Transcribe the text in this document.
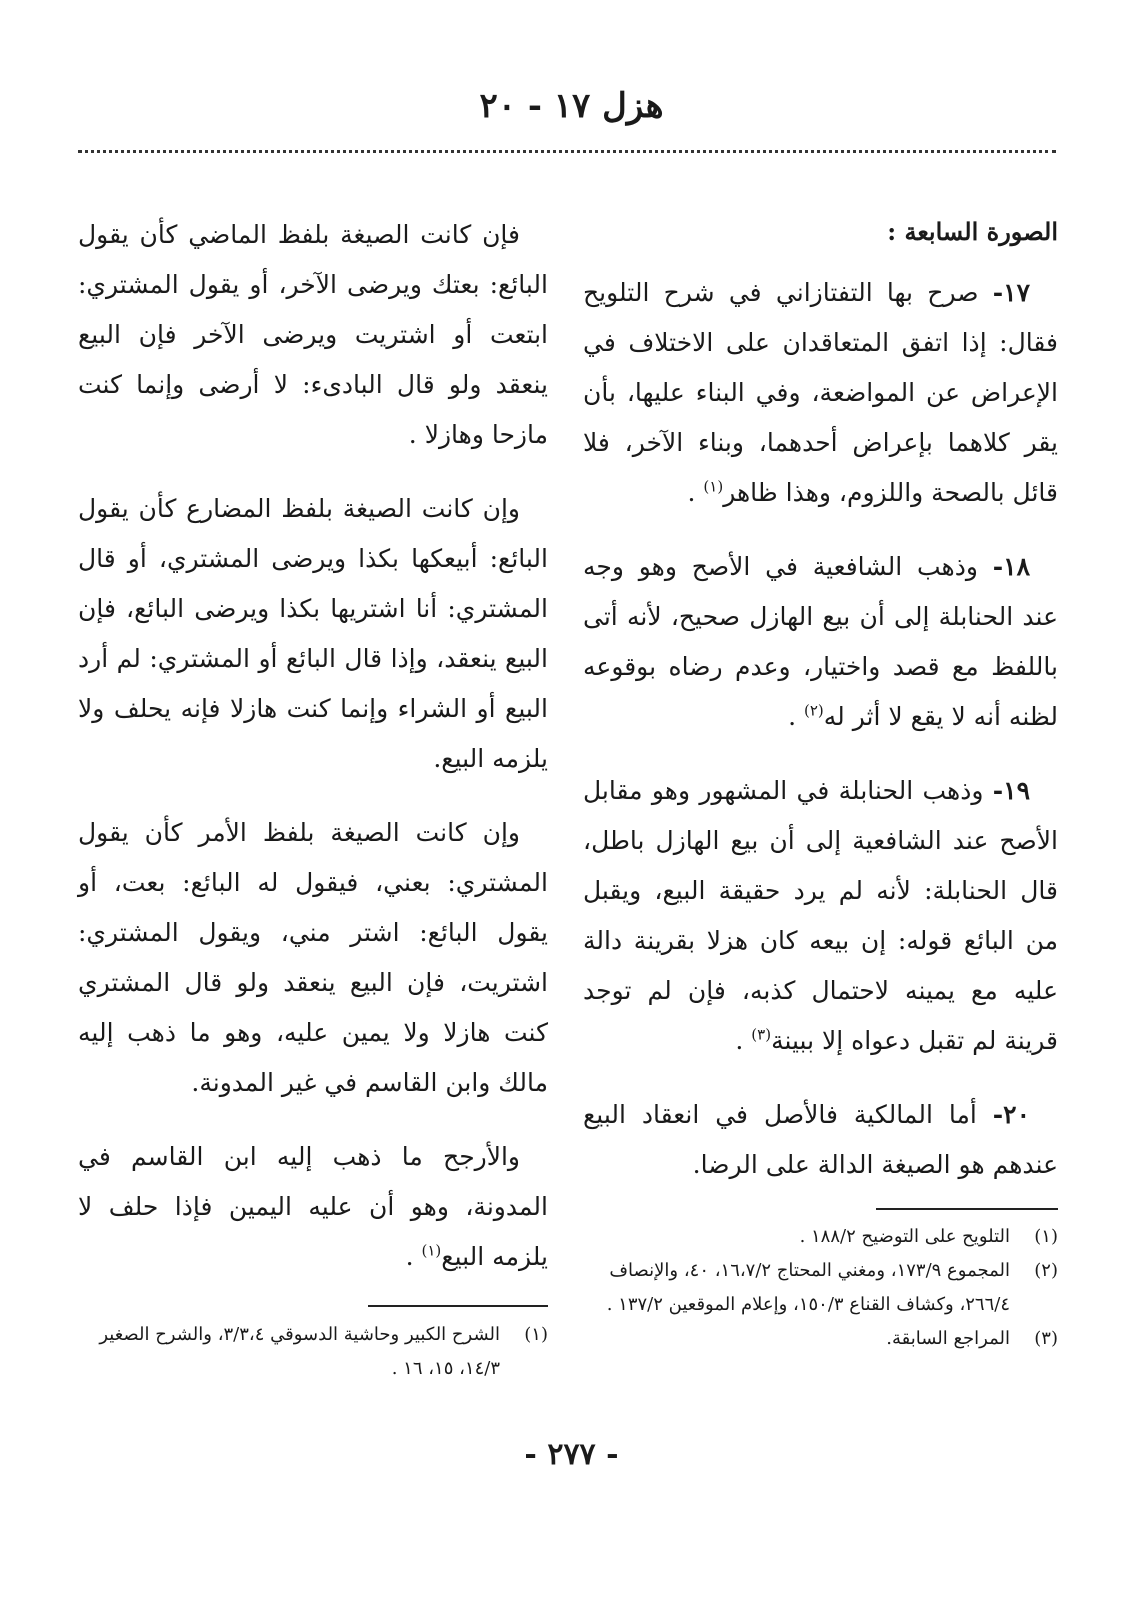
هزل ١٧ - ٢٠
الصورة السابعة :

١٧- صرح بها التفتازاني في شرح التلويح فقال: إذا اتفق المتعاقدان على الاختلاف في الإعراض عن المواضعة، وفي البناء عليها، بأن يقر كلاهما بإعراض أحدهما، وبناء الآخر، فلا قائل بالصحة واللزوم، وهذا ظاهر$^{(١)}$ .

١٨- وذهب الشافعية في الأصح وهو وجه عند الحنابلة إلى أن بيع الهازل صحيح، لأنه أتى باللفظ مع قصد واختيار، وعدم رضاه بوقوعه لظنه أنه لا يقع لا أثر له$^{(٢)}$ .

١٩- وذهب الحنابلة في المشهور وهو مقابل الأصح عند الشافعية إلى أن بيع الهازل باطل، قال الحنابلة: لأنه لم يرد حقيقة البيع، ويقبل من البائع قوله: إن بيعه كان هزلا بقرينة دالة عليه مع يمينه لاحتمال كذبه، فإن لم توجد قرينة لم تقبل دعواه إلا ببينة$^{(٣)}$ .

٢٠- أما المالكية فالأصل في انعقاد البيع عندهم هو الصيغة الدالة على الرضا.

(١)التلويح على التوضيح ١٨٨/٢ .

(٢)المجموع ١٧٣/٩، ومغني المحتاج ١٦،٧/٢، ٤٠، والإنصاف ٢٦٦/٤، وكشاف القناع ١٥٠/٣، وإعلام الموقعين ١٣٧/٢ .

(٣)المراجع السابقة.

فإن كانت الصيغة بلفظ الماضي كأن يقول البائع: بعتك ويرضى الآخر، أو يقول المشتري: ابتعت أو اشتريت ويرضى الآخر فإن البيع ينعقد ولو قال البادىء: لا أرضى وإنما كنت مازحا وهازلا .

وإن كانت الصيغة بلفظ المضارع كأن يقول البائع: أبيعكها بكذا ويرضى المشتري، أو قال المشتري: أنا اشتريها بكذا ويرضى البائع، فإن البيع ينعقد، وإذا قال البائع أو المشتري: لم أرد البيع أو الشراء وإنما كنت هازلا فإنه يحلف ولا يلزمه البيع.

وإن كانت الصيغة بلفظ الأمر كأن يقول المشتري: بعني، فيقول له البائع: بعت، أو يقول البائع: اشتر مني، ويقول المشتري: اشتريت، فإن البيع ينعقد ولو قال المشتري كنت هازلا ولا يمين عليه، وهو ما ذهب إليه مالك وابن القاسم في غير المدونة.

والأرجح ما ذهب إليه ابن القاسم في المدونة، وهو أن عليه اليمين فإذا حلف لا يلزمه البيع$^{(١)}$ .

(١)الشرح الكبير وحاشية الدسوقي ٣/٣،٤، والشرح الصغير ١٤/٣، ١٥، ١٦ .

- ٢٧٧ -
